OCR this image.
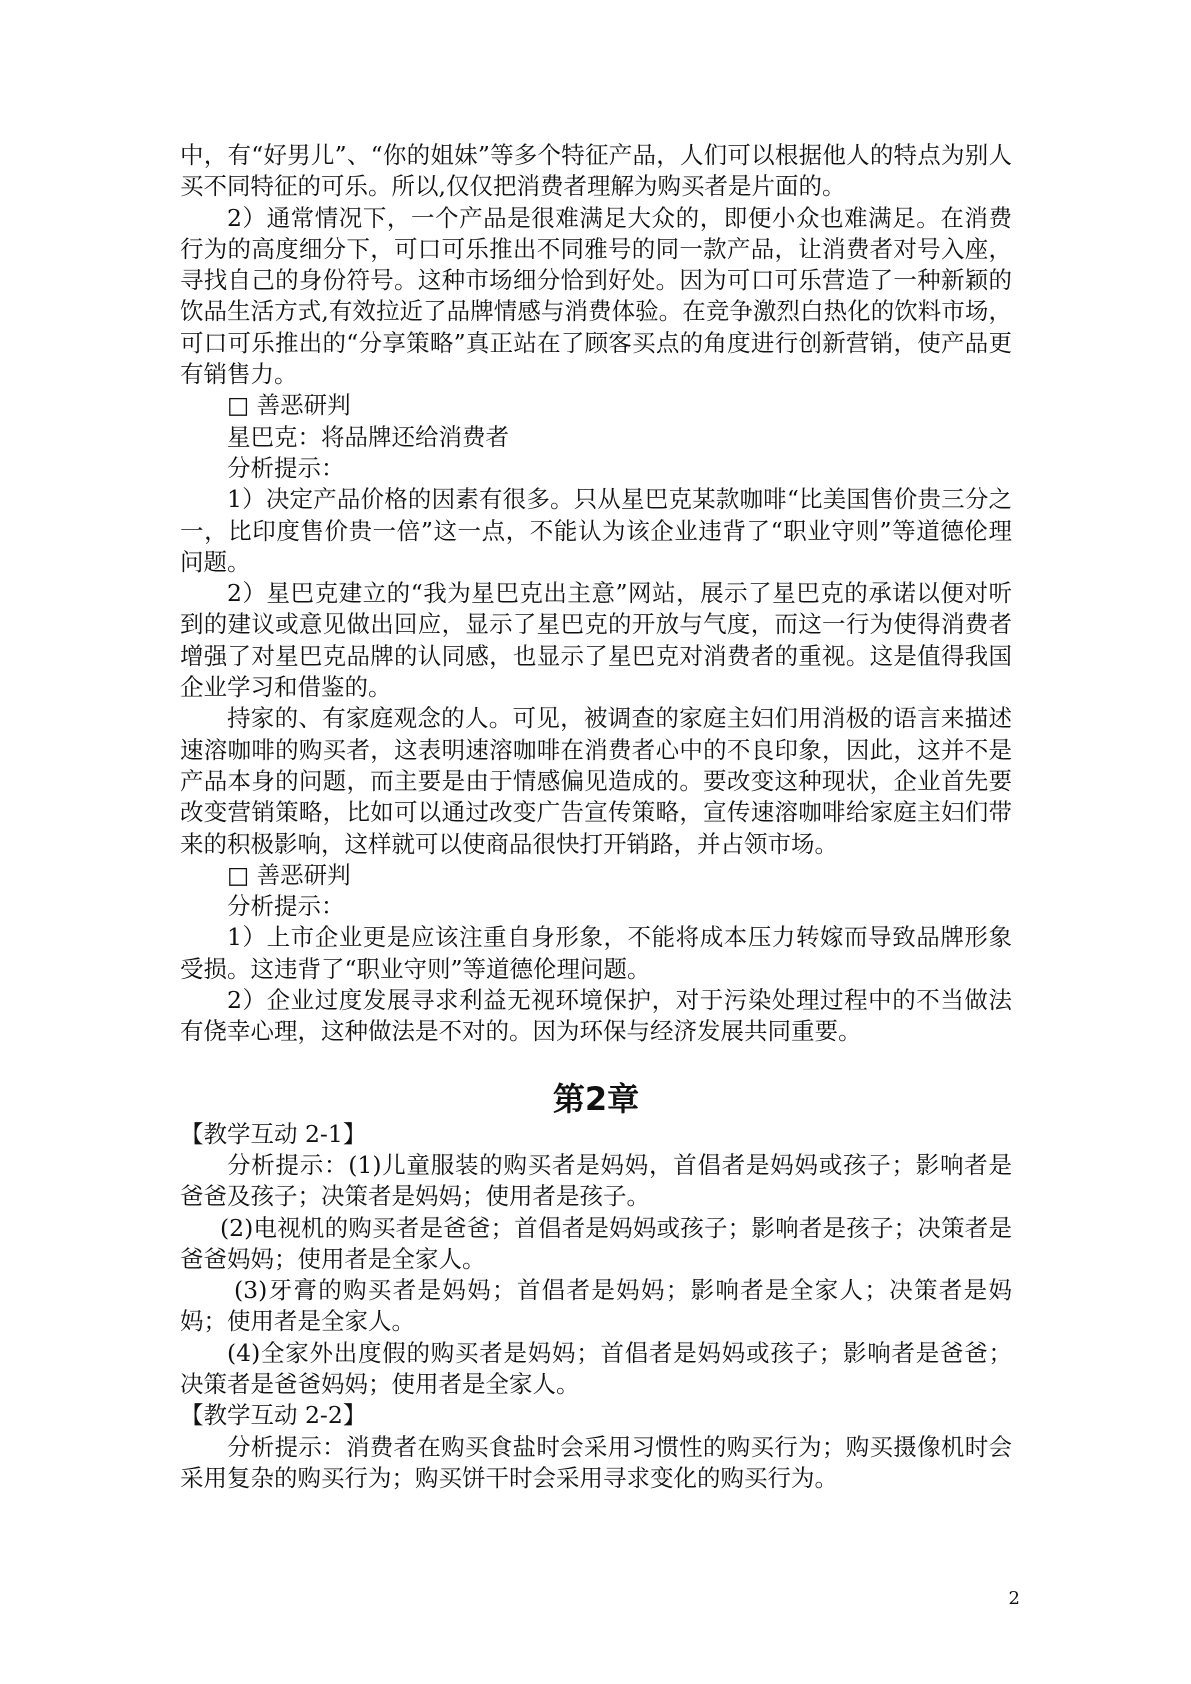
中，有“好男儿”、“你的姐妹”等多个特征产品，人们可以根据他人的特点为别人买不同特征的可乐。所以,仅仅把消费者理解为购买者是片面的。

2）通常情况下，一个产品是很难满足大众的，即便小众也难满足。在消费行为的高度细分下，可口可乐推出不同雅号的同一款产品，让消费者对号入座，寻找自己的身份符号。这种市场细分恰到好处。因为可口可乐营造了一种新颖的饮品生活方式,有效拉近了品牌情感与消费体验。在竞争激烈白热化的饮料市场，可口可乐推出的“分享策略”真正站在了顾客买点的角度进行创新营销，使产品更有销售力。

□ 善恶研判

星巴克：将品牌还给消费者

分析提示：

1）决定产品价格的因素有很多。只从星巴克某款咖啡“比美国售价贵三分之一，比印度售价贵一倍”这一点，不能认为该企业违背了“职业守则”等道德伦理问题。

2）星巴克建立的“我为星巴克出主意”网站，展示了星巴克的承诺以便对听到的建议或意见做出回应，显示了星巴克的开放与气度，而这一行为使得消费者增强了对星巴克品牌的认同感，也显示了星巴克对消费者的重视。这是值得我国企业学习和借鉴的。

持家的、有家庭观念的人。可见，被调查的家庭主妇们用消极的语言来描述速溶咖啡的购买者，这表明速溶咖啡在消费者心中的不良印象，因此，这并不是产品本身的问题，而主要是由于情感偏见造成的。要改变这种现状，企业首先要改变营销策略，比如可以通过改变广告宣传策略，宣传速溶咖啡给家庭主妇们带来的积极影响，这样就可以使商品很快打开销路，并占领市场。

□ 善恶研判

分析提示：

1）上市企业更是应该注重自身形象，不能将成本压力转嫁而导致品牌形象受损。这违背了“职业守则”等道德伦理问题。

2）企业过度发展寻求利益无视环境保护，对于污染处理过程中的不当做法有侥幸心理，这种做法是不对的。因为环保与经济发展共同重要。

第2章

【教学互动 2-1】

分析提示：(1)儿童服装的购买者是妈妈，首倡者是妈妈或孩子；影响者是爸爸及孩子；决策者是妈妈；使用者是孩子。

(2)电视机的购买者是爸爸；首倡者是妈妈或孩子；影响者是孩子；决策者是爸爸妈妈；使用者是全家人。

(3)牙膏的购买者是妈妈；首倡者是妈妈；影响者是全家人；决策者是妈妈；使用者是全家人。

(4)全家外出度假的购买者是妈妈；首倡者是妈妈或孩子；影响者是爸爸；决策者是爸爸妈妈；使用者是全家人。

【教学互动 2-2】

分析提示：消费者在购买食盐时会采用习惯性的购买行为；购买摄像机时会采用复杂的购买行为；购买饼干时会采用寻求变化的购买行为。

2
